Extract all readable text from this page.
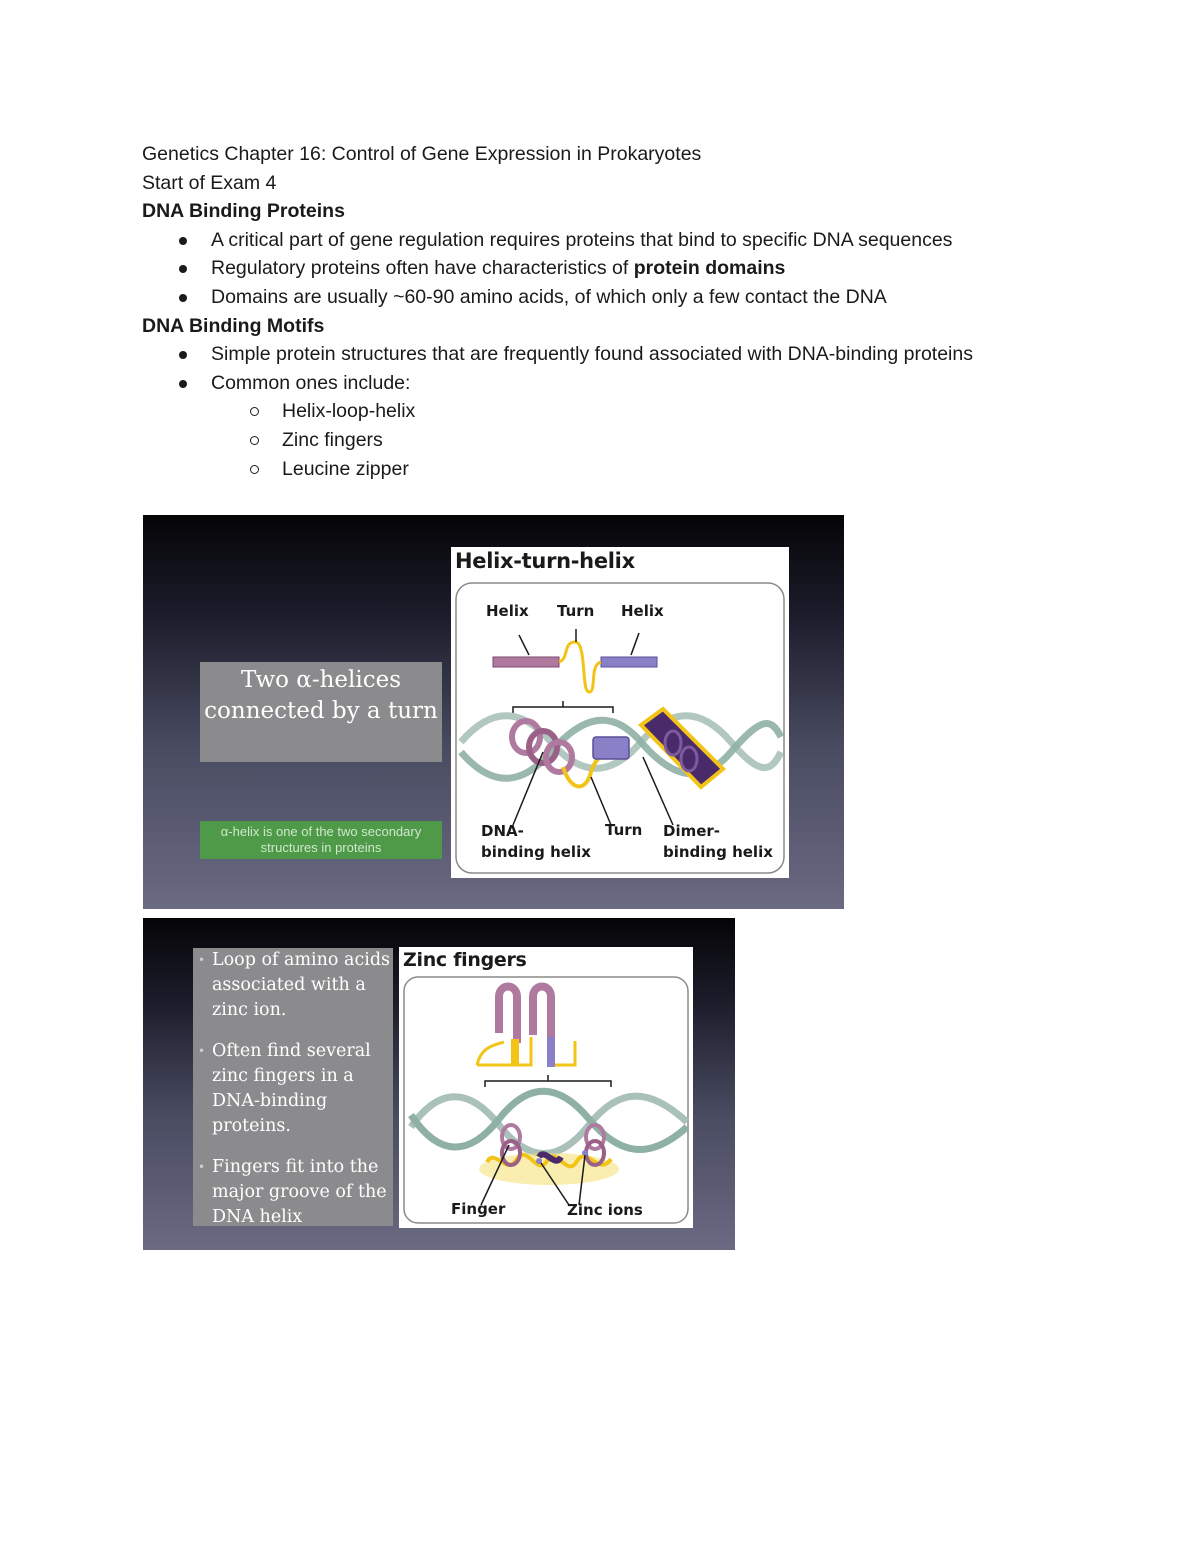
Genetics Chapter 16: Control of Gene Expression in Prokaryotes
Start of Exam 4
DNA Binding Proteins
A critical part of gene regulation requires proteins that bind to specific DNA sequences
Regulatory proteins often have characteristics of protein domains
Domains are usually ~60-90 amino acids, of which only a few contact the DNA
DNA Binding Motifs
Simple protein structures that are frequently found associated with DNA-binding proteins
Common ones include:
Helix-loop-helix
Zinc fingers
Leucine zipper
Two α-helices connected by a turn
α-helix is one of the two secondary structures in proteins
Helix-turn-helix
Helix Turn Helix
DNA-
binding helix
Turn Dimer-
binding helix
• Loop of amino acids associated with a zinc ion.
• Often find several zinc fingers in a DNA-binding proteins.
• Fingers fit into the major groove of the DNA helix
Zinc fingers
Finger	Zinc ions
